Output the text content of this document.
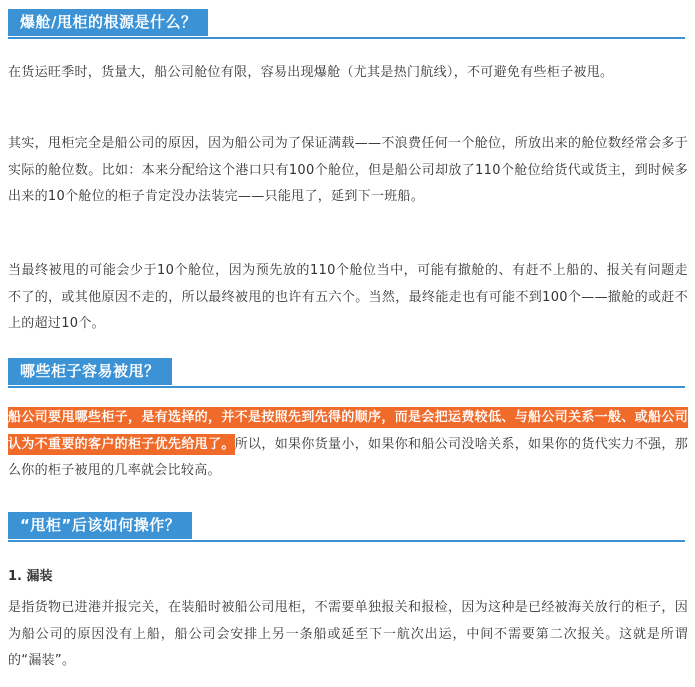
爆舱/甩柜的根源是什么？

在货运旺季时，货量大，船公司舱位有限，容易出现爆舱（尤其是热门航线），不可避免有些柜子被甩。

其实，甩柜完全是船公司的原因，因为船公司为了保证满载——不浪费任何一个舱位，所放出来的舱位数经常会多于实际的舱位数。比如：本来分配给这个港口只有100个舱位，但是船公司却放了110个舱位给货代或货主，到时候多出来的10个舱位的柜子肯定没办法装完——只能甩了，延到下一班船。

当最终被甩的可能会少于10个舱位，因为预先放的110个舱位当中，可能有撤舱的、有赶不上船的、报关有问题走不了的，或其他原因不走的，所以最终被甩的也许有五六个。当然，最终能走也有可能不到100个——撤舱的或赶不上的超过10个。

哪些柜子容易被甩？

船公司要甩哪些柜子，是有选择的，并不是按照先到先得的顺序，而是会把运费较低、与船公司关系一般、或船公司认为不重要的客户的柜子优先给甩了。所以，如果你货量小，如果你和船公司没啥关系，如果你的货代实力不强，那么你的柜子被甩的几率就会比较高。

“甩柜”后该如何操作？

1. 漏装

是指货物已进港并报完关，在装船时被船公司甩柜，不需要单独报关和报检，因为这种是已经被海关放行的柜子，因为船公司的原因没有上船，船公司会安排上另一条船或延至下一航次出运，中间不需要第二次报关。这就是所谓的“漏装”。
